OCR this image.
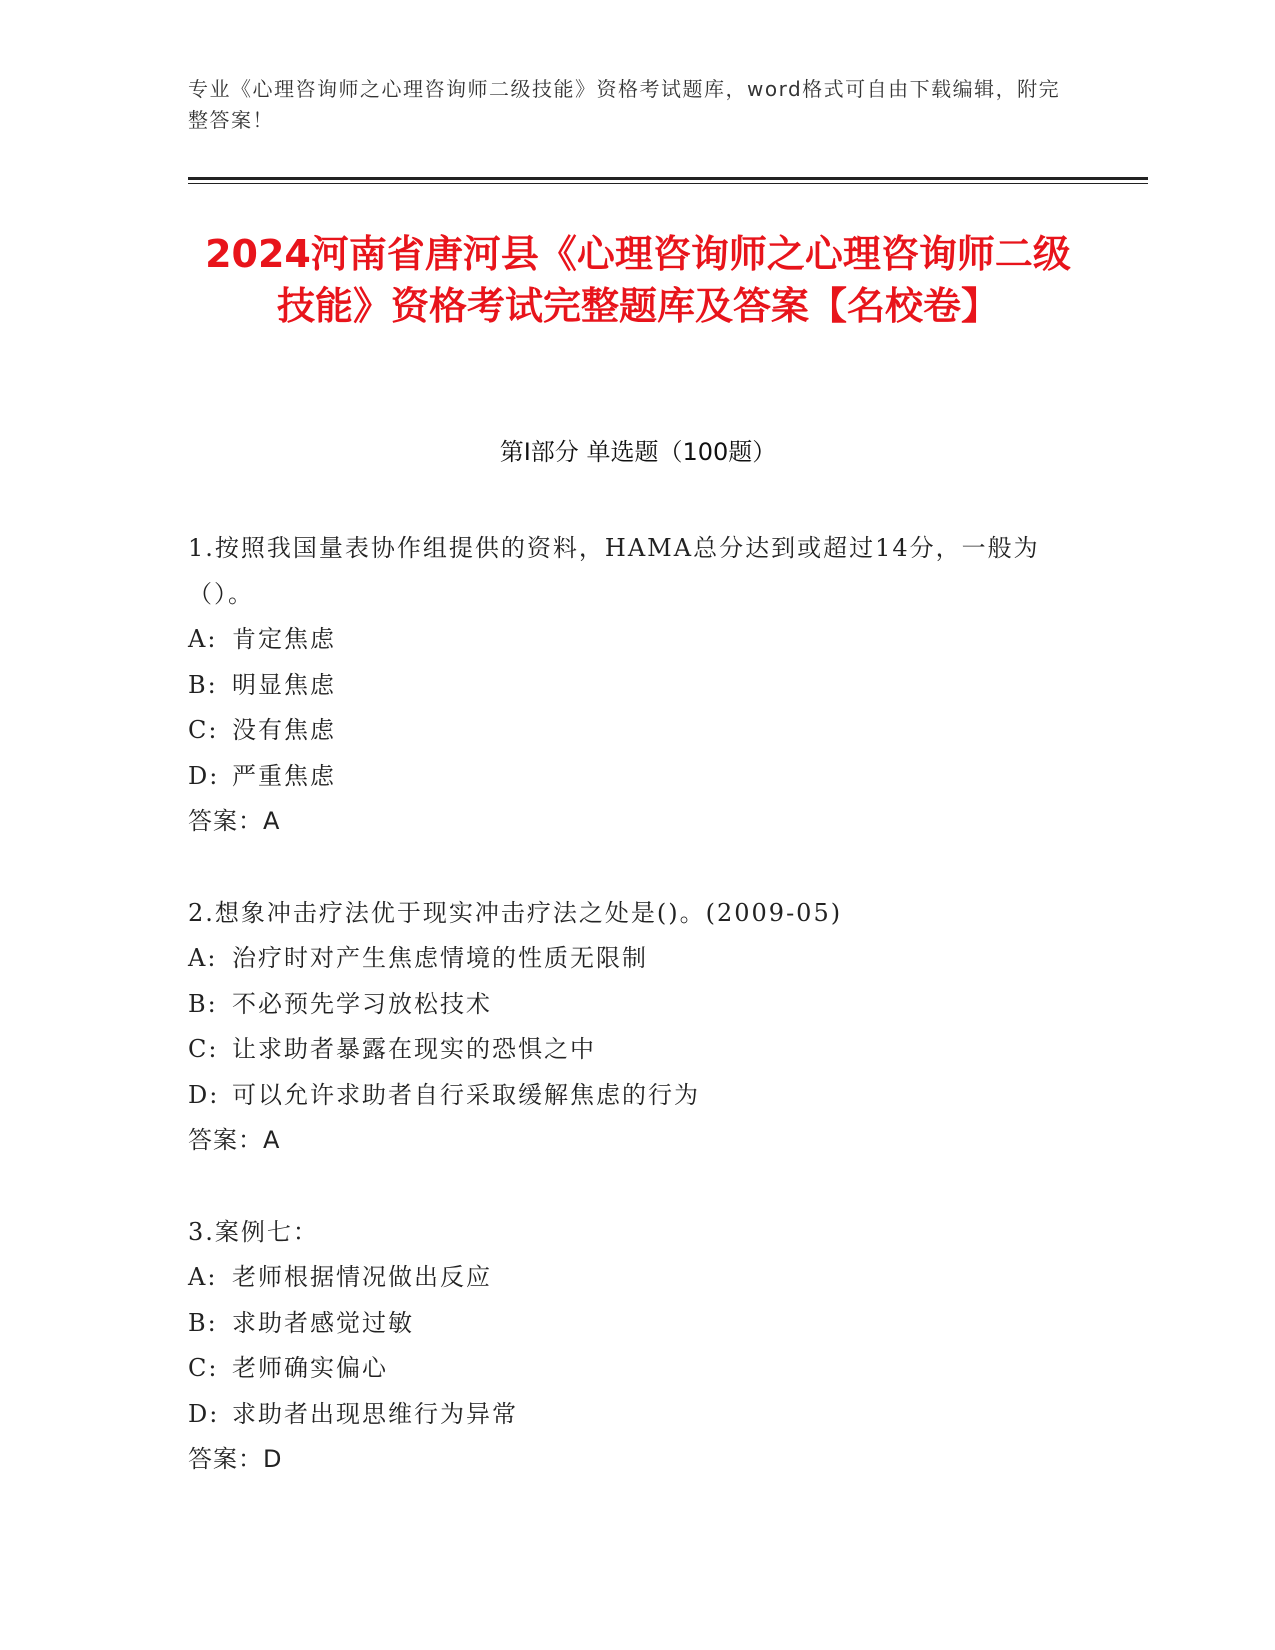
专业《心理咨询师之心理咨询师二级技能》资格考试题库，word格式可自由下载编辑，附完整答案！
2024河南省唐河县《心理咨询师之心理咨询师二级技能》资格考试完整题库及答案【名校卷】
第I部分 单选题（100题）
1.按照我国量表协作组提供的资料，HAMA总分达到或超过14分，一般为（）。
A: 肯定焦虑
B: 明显焦虑
C: 没有焦虑
D: 严重焦虑
答案：A
2.想象冲击疗法优于现实冲击疗法之处是()。(2009-05)
A: 治疗时对产生焦虑情境的性质无限制
B: 不必预先学习放松技术
C: 让求助者暴露在现实的恐惧之中
D: 可以允许求助者自行采取缓解焦虑的行为
答案：A
3.案例七：
A: 老师根据情况做出反应
B: 求助者感觉过敏
C: 老师确实偏心
D: 求助者出现思维行为异常
答案：D
